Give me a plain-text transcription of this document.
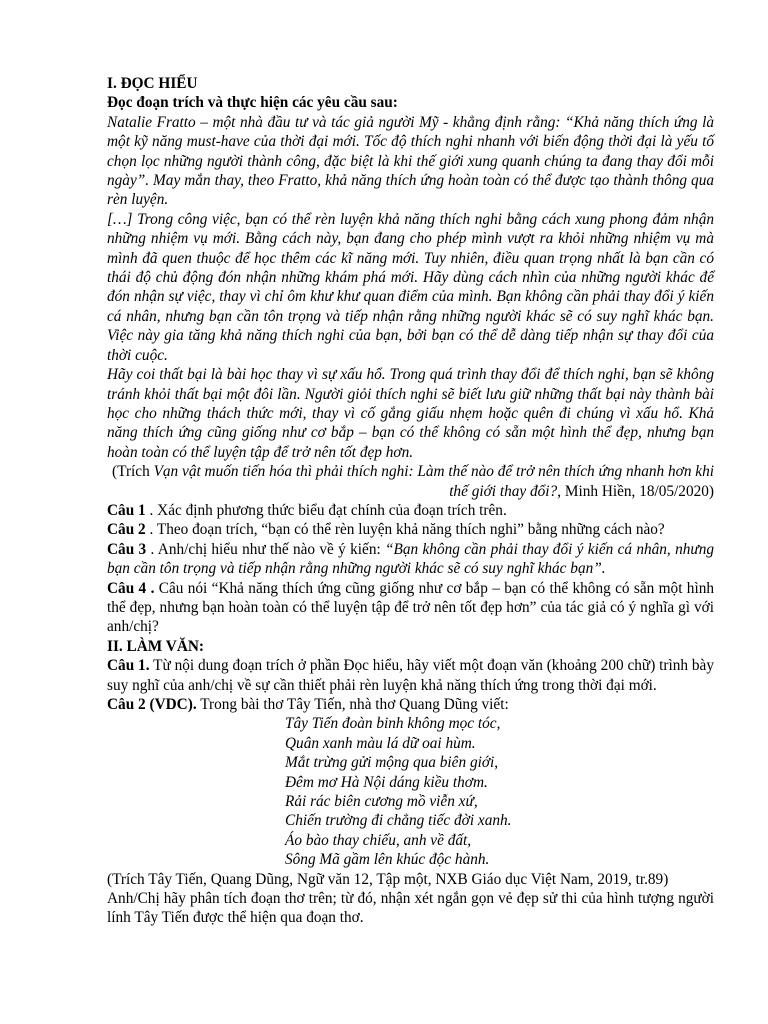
I. ĐỌC HIỂU

Đọc đoạn trích và thực hiện các yêu cầu sau:

Natalie Fratto – một nhà đầu tư và tác giả người Mỹ - khẳng định rằng: “Khả năng thích ứng là một kỹ năng must-have của thời đại mới. Tốc độ thích nghi nhanh với biến động thời đại là yếu tố chọn lọc những người thành công, đặc biệt là khi thế giới xung quanh chúng ta đang thay đổi mỗi ngày”. May mắn thay, theo Fratto, khả năng thích ứng hoàn toàn có thể được tạo thành thông qua rèn luyện.

[…] Trong công việc, bạn có thể rèn luyện khả năng thích nghi bằng cách xung phong đảm nhận những nhiệm vụ mới. Bằng cách này, bạn đang cho phép mình vượt ra khỏi những nhiệm vụ mà mình đã quen thuộc để học thêm các kĩ năng mới. Tuy nhiên, điều quan trọng nhất là bạn cần có thái độ chủ động đón nhận những khám phá mới. Hãy dùng cách nhìn của những người khác để đón nhận sự việc, thay vì chỉ ôm khư khư quan điểm của mình. Bạn không cần phải thay đổi ý kiến cá nhân, nhưng bạn cần tôn trọng và tiếp nhận rằng những người khác sẽ có suy nghĩ khác bạn. Việc này gia tăng khả năng thích nghi của bạn, bởi bạn có thể dễ dàng tiếp nhận sự thay đổi của thời cuộc.

Hãy coi thất bại là bài học thay vì sự xấu hổ. Trong quá trình thay đổi để thích nghi, bạn sẽ không tránh khỏi thất bại một đôi lần. Người giỏi thích nghi sẽ biết lưu giữ những thất bại này thành bài học cho những thách thức mới, thay vì cố gắng giấu nhẹm hoặc quên đi chúng vì xấu hổ. Khả năng thích ứng cũng giống như cơ bắp – bạn có thể không có sẵn một hình thể đẹp, nhưng bạn hoàn toàn có thể luyện tập để trở nên tốt đẹp hơn.

(Trích Vạn vật muốn tiến hóa thì phải thích nghi: Làm thế nào để trở nên thích ứng nhanh hơn khi thế giới thay đổi?, Minh Hiền, 18/05/2020)

Câu 1 . Xác định phương thức biểu đạt chính của đoạn trích trên.

Câu 2 . Theo đoạn trích, “bạn có thể rèn luyện khả năng thích nghi” bằng những cách nào?

Câu 3 . Anh/chị hiểu như thế nào về ý kiến: “Bạn không cần phải thay đổi ý kiến cá nhân, nhưng bạn cần tôn trọng và tiếp nhận rằng những người khác sẽ có suy nghĩ khác bạn”.

Câu 4 . Câu nói “Khả năng thích ứng cũng giống như cơ bắp – bạn có thể không có sẵn một hình thể đẹp, nhưng bạn hoàn toàn có thể luyện tập để trở nên tốt đẹp hơn” của tác giả có ý nghĩa gì với anh/chị?

II. LÀM VĂN:

Câu 1. Từ nội dung đoạn trích ở phần Đọc hiểu, hãy viết một đoạn văn (khoảng 200 chữ) trình bày suy nghĩ của anh/chị về sự cần thiết phải rèn luyện khả năng thích ứng trong thời đại mới.

Câu 2 (VDC). Trong bài thơ Tây Tiến, nhà thơ Quang Dũng viết:

Tây Tiến đoàn binh không mọc tóc,

Quân xanh màu lá dữ oai hùm.

Mắt trừng gửi mộng qua biên giới,

Đêm mơ Hà Nội dáng kiều thơm.

Rải rác biên cương mồ viễn xứ,

Chiến trường đi chẳng tiếc đời xanh.

Áo bào thay chiếu, anh về đất,

Sông Mã gầm lên khúc độc hành.

(Trích Tây Tiến, Quang Dũng, Ngữ văn 12, Tập một, NXB Giáo dục Việt Nam, 2019, tr.89)

Anh/Chị hãy phân tích đoạn thơ trên; từ đó, nhận xét ngắn gọn vẻ đẹp sử thi của hình tượng người lính Tây Tiến được thể hiện qua đoạn thơ.
